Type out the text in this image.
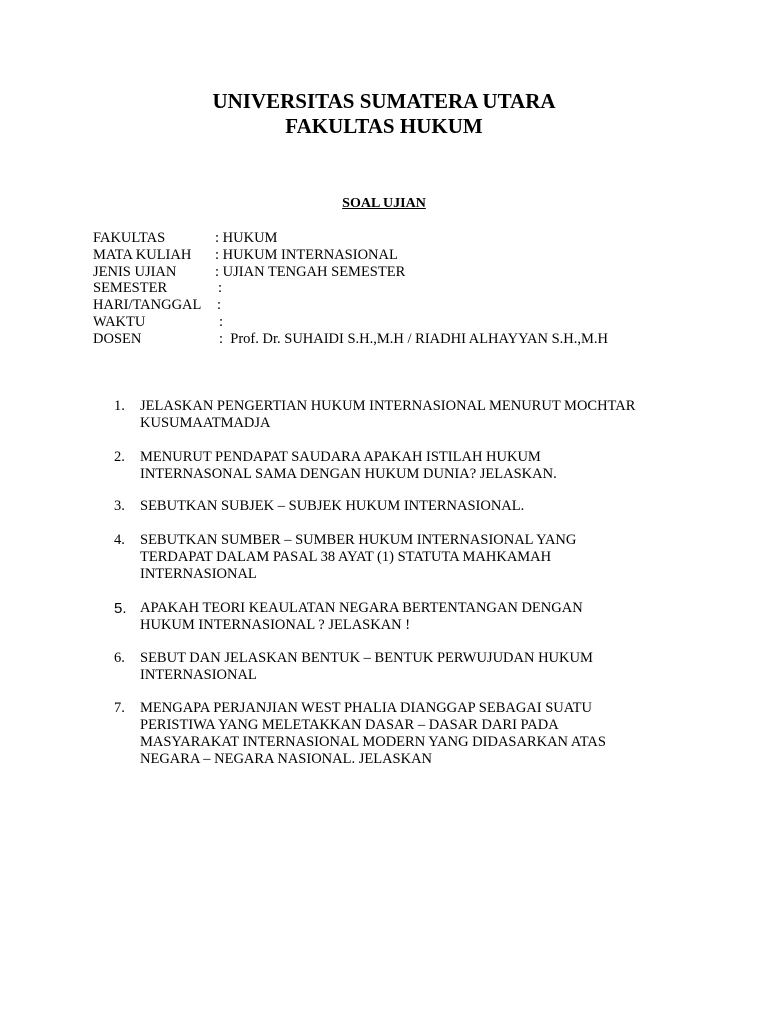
UNIVERSITAS SUMATERA UTARA
FAKULTAS HUKUM
SOAL UJIAN
FAKULTAS	: HUKUM
MATA KULIAH : HUKUM INTERNASIONAL
JENIS UJIAN	: UJIAN TENGAH SEMESTER
SEMESTER	:
HARI/TANGGAL :
WAKTU	:
DOSEN	:  Prof. Dr. SUHAIDI S.H.,M.H / RIADHI ALHAYYAN S.H.,M.H
1. JELASKAN PENGERTIAN HUKUM INTERNASIONAL MENURUT MOCHTAR
KUSUMAATMADJA
2. MENURUT PENDAPAT SAUDARA APAKAH ISTILAH HUKUM
INTERNASONAL SAMA DENGAN HUKUM DUNIA? JELASKAN.
3. SEBUTKAN SUBJEK – SUBJEK HUKUM INTERNASIONAL.
4. SEBUTKAN SUMBER – SUMBER HUKUM INTERNASIONAL YANG
TERDAPAT DALAM PASAL 38 AYAT (1) STATUTA MAHKAMAH
INTERNASIONAL
5. APAKAH TEORI KEAULATAN NEGARA BERTENTANGAN DENGAN
HUKUM INTERNASIONAL ? JELASKAN !
6. SEBUT DAN JELASKAN BENTUK – BENTUK PERWUJUDAN HUKUM
INTERNASIONAL
7. MENGAPA PERJANJIAN WEST PHALIA DIANGGAP SEBAGAI SUATU
PERISTIWA YANG MELETAKKAN DASAR – DASAR DARI PADA
MASYARAKAT INTERNASIONAL MODERN YANG DIDASARKAN ATAS
NEGARA – NEGARA NASIONAL. JELASKAN
